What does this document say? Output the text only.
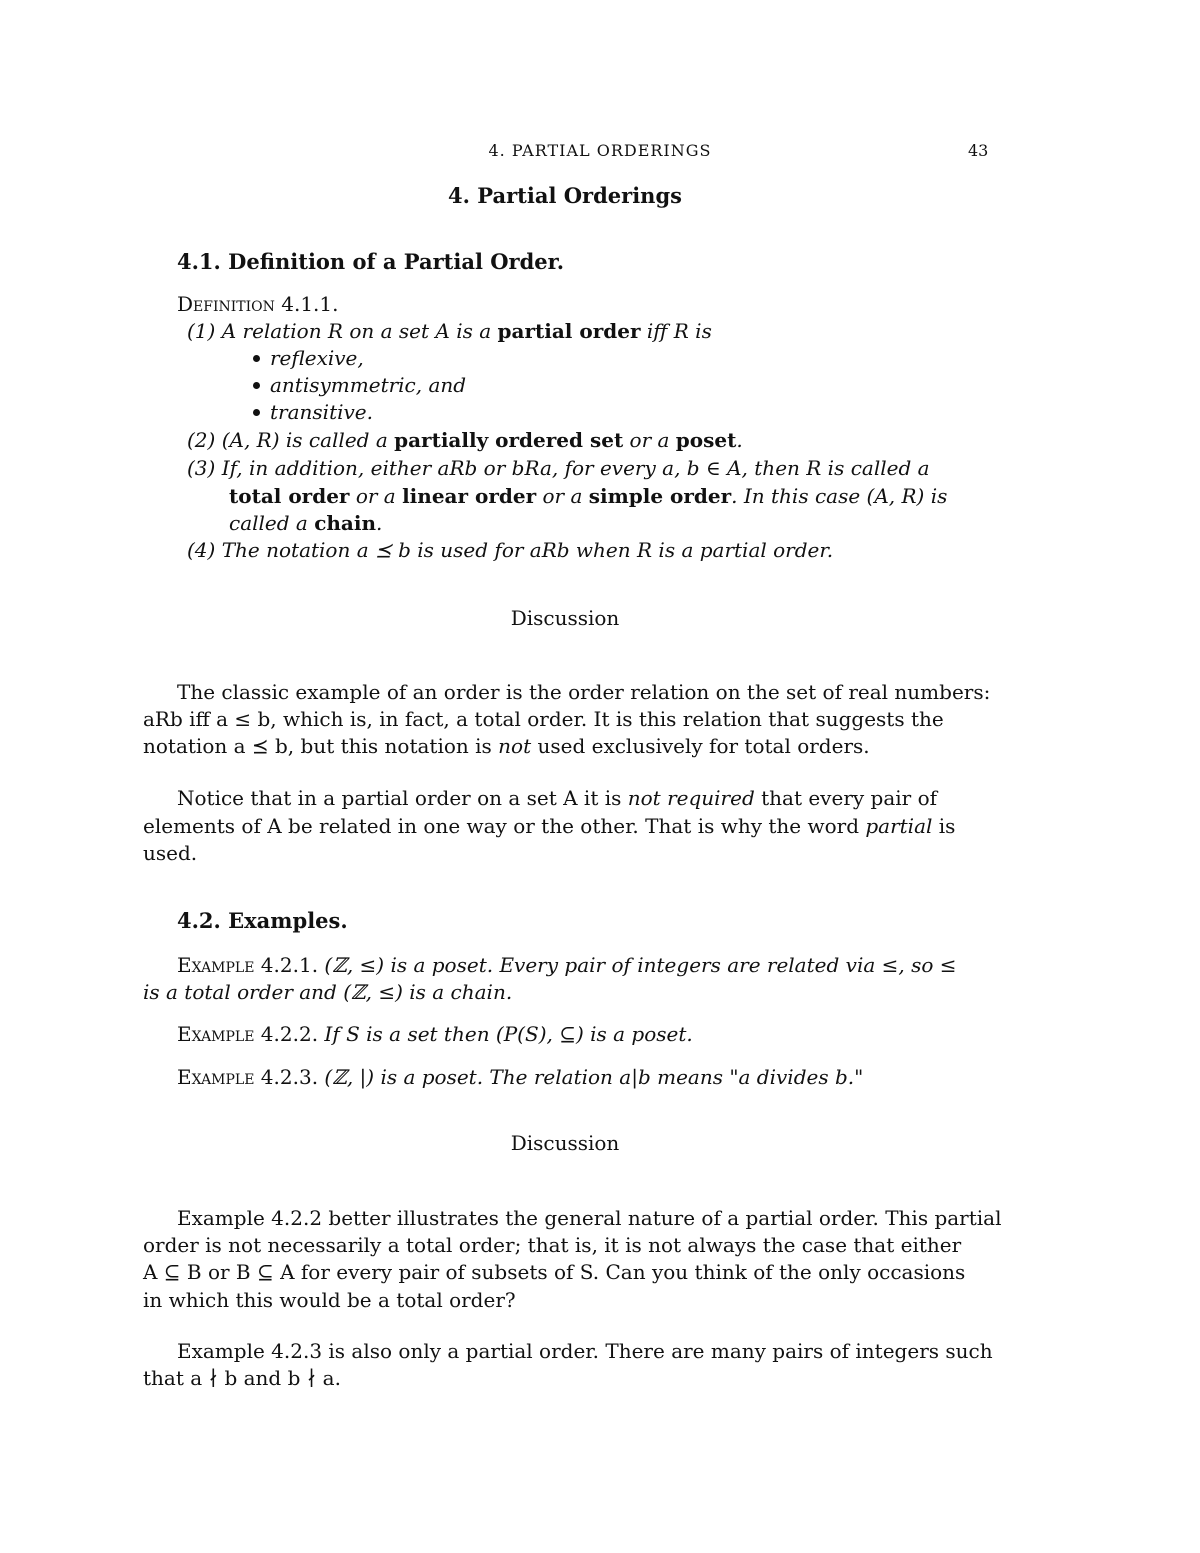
4. PARTIAL ORDERINGS	43
4. Partial Orderings
4.1. Definition of a Partial Order.
Definition 4.1.1.
(1) A relation R on a set A is a partial order iff R is
reflexive,
antisymmetric, and
transitive.
(2) (A, R) is called a partially ordered set or a poset.
(3) If, in addition, either aRb or bRa, for every a, b ∈ A, then R is called a
total order or a linear order or a simple order. In this case (A, R) is
called a chain.
(4) The notation a ⪯ b is used for aRb when R is a partial order.
Discussion
The classic example of an order is the order relation on the set of real numbers:
aRb iff a ≤ b, which is, in fact, a total order. It is this relation that suggests the
notation a ⪯ b, but this notation is not used exclusively for total orders.
Notice that in a partial order on a set A it is not required that every pair of
elements of A be related in one way or the other. That is why the word partial is
used.
4.2. Examples.
Example 4.2.1. (ℤ, ≤) is a poset. Every pair of integers are related via ≤, so ≤
is a total order and (ℤ, ≤) is a chain.
Example 4.2.2. If S is a set then (P(S), ⊆) is a poset.
Example 4.2.3. (ℤ, |) is a poset. The relation a|b means "a divides b."
Discussion
Example 4.2.2 better illustrates the general nature of a partial order. This partial
order is not necessarily a total order; that is, it is not always the case that either
A ⊆ B or B ⊆ A for every pair of subsets of S. Can you think of the only occasions
in which this would be a total order?
Example 4.2.3 is also only a partial order. There are many pairs of integers such
that a ∤ b and b ∤ a.
